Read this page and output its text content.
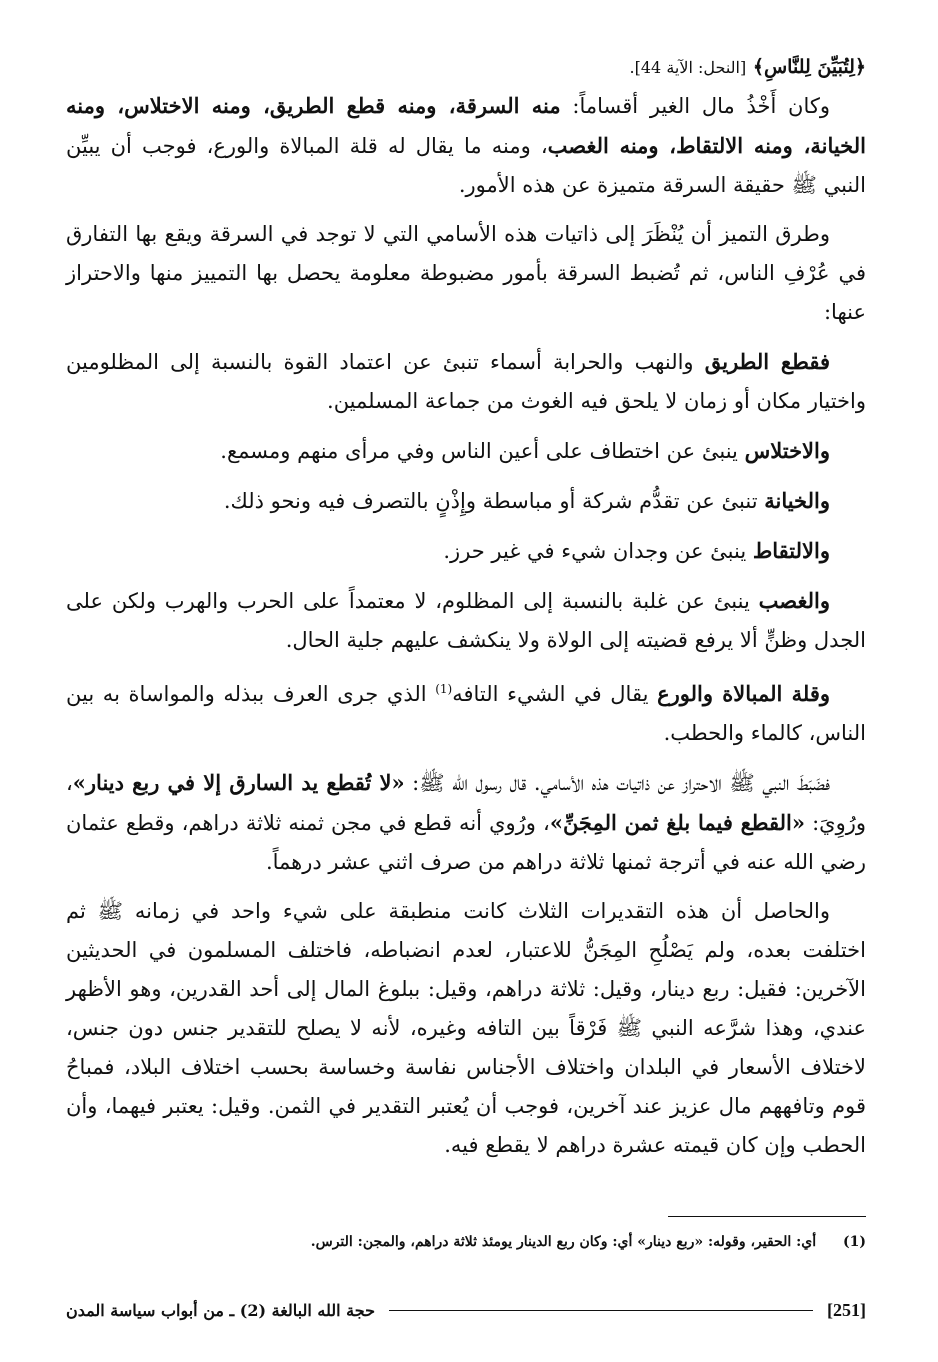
﴿لِتُبَيِّنَ لِلنَّاسِ﴾ [النحل: الآية 44].

وكان أَخْذُ مال الغير أقساماً: منه السرقة، ومنه قطع الطريق، ومنه الاختلاس، ومنه الخيانة، ومنه الالتقاط، ومنه الغصب، ومنه ما يقال له قلة المبالاة والورع، فوجب أن يبيِّن النبي ﷺ حقيقة السرقة متميزة عن هذه الأمور.

وطرق التميز أن يُنْظَرَ إلى ذاتيات هذه الأسامي التي لا توجد في السرقة ويقع بها التفارق في عُرْفِ الناس، ثم تُضبط السرقة بأمور مضبوطة معلومة يحصل بها التمييز منها والاحتراز عنها:

فقطع الطريق والنهب والحرابة أسماء تنبئ عن اعتماد القوة بالنسبة إلى المظلومين واختيار مكان أو زمان لا يلحق فيه الغوث من جماعة المسلمين.

والاختلاس ينبئ عن اختطاف على أعين الناس وفي مرأى منهم ومسمع.

والخيانة تنبئ عن تقدُّم شركة أو مباسطة وإِذْنٍ بالتصرف فيه ونحو ذلك.

والالتقاط ينبئ عن وجدان شيء في غير حرز.

والغصب ينبئ عن غلبة بالنسبة إلى المظلوم، لا معتمداً على الحرب والهرب ولكن على الجدل وظنٍّ ألا يرفع قضيته إلى الولاة ولا ينكشف عليهم جلية الحال.

وقلة المبالاة والورع يقال في الشيء التافه$^{(1)}$ الذي جرى العرف ببذله والمواساة به بين الناس، كالماء والحطب.

فضَبَطَ النبي ﷺ الاحتراز عن ذاتيات هذه الأسامي. قال رسول الله ﷺ: «لا تُقطع يد السارق إلا في ربع دينار»، ورُوِيَ: «القطع فيما بلغ ثمن المِجَنِّ»، ورُوي أنه قطع في مجن ثمنه ثلاثة دراهم، وقطع عثمان رضي الله عنه في أترجة ثمنها ثلاثة دراهم من صرف اثني عشر درهماً.

والحاصل أن هذه التقديرات الثلاث كانت منطبقة على شيء واحد في زمانه ﷺ ثم اختلفت بعده، ولم يَصْلُحِ المِجَنُّ للاعتبار، لعدم انضباطه، فاختلف المسلمون في الحديثين الآخرين: فقيل: ربع دينار، وقيل: ثلاثة دراهم، وقيل: ببلوغ المال إلى أحد القدرين، وهو الأظهر عندي، وهذا شرَّعه النبي ﷺ فَرْقاً بين التافه وغيره، لأنه لا يصلح للتقدير جنس دون جنس، لاختلاف الأسعار في البلدان واختلاف الأجناس نفاسة وخساسة بحسب اختلاف البلاد، فمباحُ قوم وتافههم مال عزيز عند آخرين، فوجب أن يُعتبر التقدير في الثمن. وقيل: يعتبر فيهما، وأن الحطب وإن كان قيمته عشرة دراهم لا يقطع فيه.

(1) أي: الحقير، وقوله: «ربع دينار» أي: وكان ربع الدينار يومئذ ثلاثة دراهم، والمجن: الترس.
[251]
حجة الله البالغة (2) ـ من أبواب سياسة المدن
